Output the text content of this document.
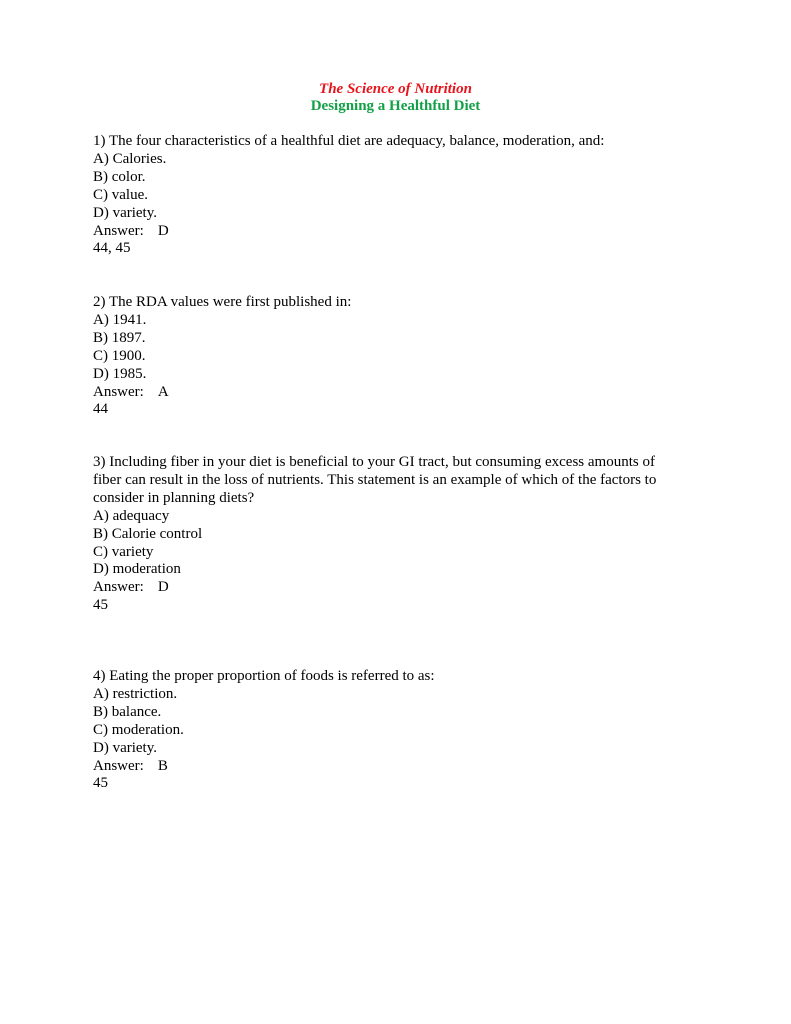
The Science of Nutrition
Designing a Healthful Diet
1) The four characteristics of a healthful diet are adequacy, balance, moderation, and:
A) Calories.
B) color.
C) value.
D) variety.
Answer: D
44, 45
2) The RDA values were first published in:
A) 1941.
B) 1897.
C) 1900.
D) 1985.
Answer: A
44
3) Including fiber in your diet is beneficial to your GI tract, but consuming excess amounts of
fiber can result in the loss of nutrients. This statement is an example of which of the factors to
consider in planning diets?
A) adequacy
B) Calorie control
C) variety
D) moderation
Answer: D
45
4) Eating the proper proportion of foods is referred to as:
A) restriction.
B) balance.
C) moderation.
D) variety.
Answer: B
45
